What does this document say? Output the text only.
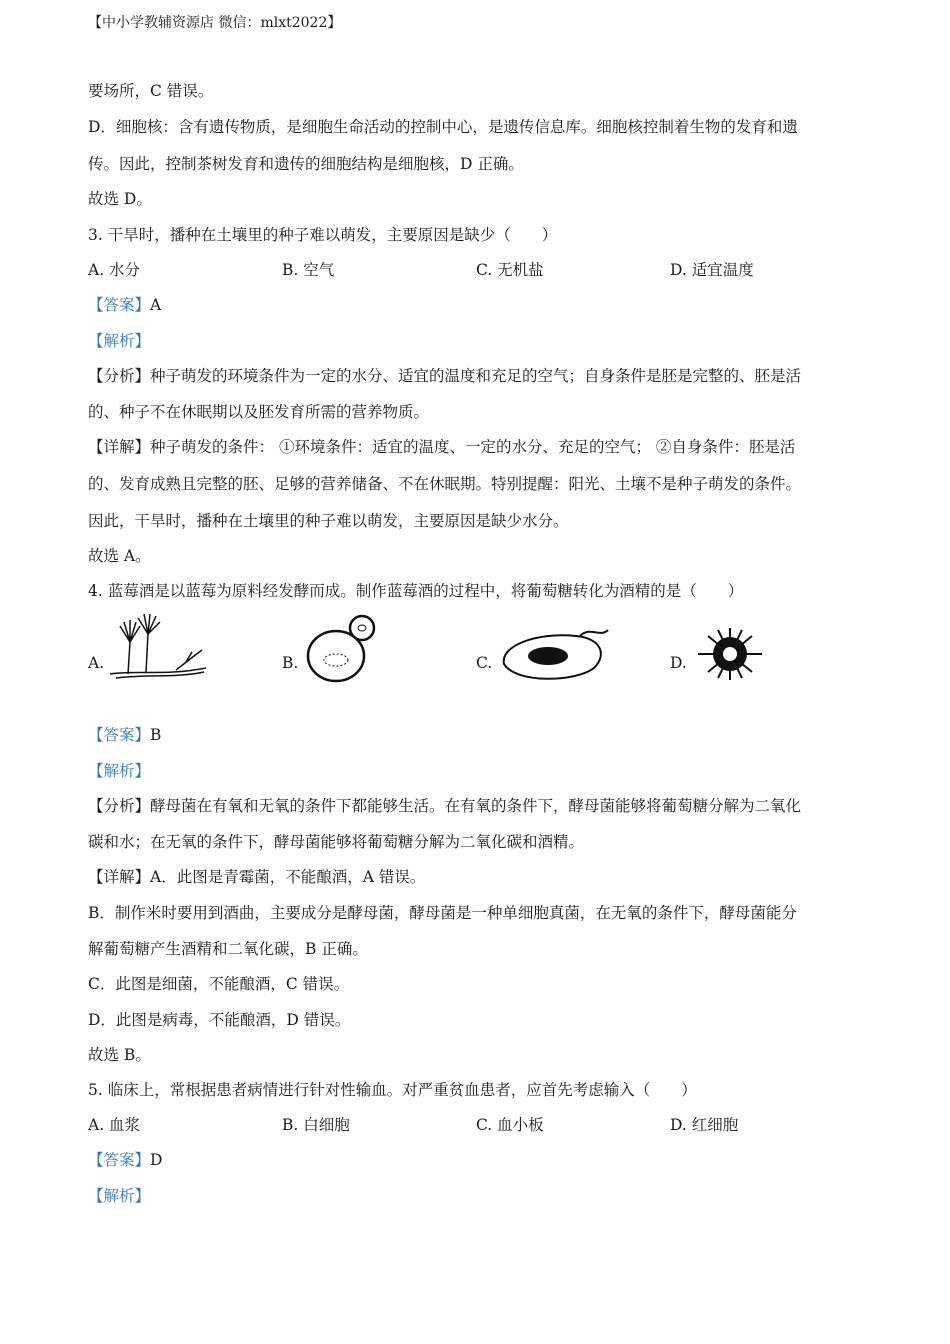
【中小学教辅资源店 微信：mlxt2022】
要场所，C 错误。
D．细胞核：含有遗传物质，是细胞生命活动的控制中心，是遗传信息库。细胞核控制着生物的发育和遗
传。因此，控制茶树发育和遗传的细胞结构是细胞核，D 正确。
故选 D。
3. 干旱时，播种在土壤里的种子难以萌发，主要原因是缺少（　　）
A. 水分	B. 空气	C. 无机盐	D. 适宜温度
【答案】A
【解析】
【分析】种子萌发的环境条件为一定的水分、适宜的温度和充足的空气；自身条件是胚是完整的、胚是活
的、种子不在休眠期以及胚发育所需的营养物质。
【详解】种子萌发的条件： ①环境条件：适宜的温度、一定的水分、充足的空气； ②自身条件：胚是活
的、发育成熟且完整的胚、足够的营养储备、不在休眠期。特别提醒：阳光、土壤不是种子萌发的条件。
因此，干旱时，播种在土壤里的种子难以萌发，主要原因是缺少水分。
故选 A。
4. 蓝莓酒是以蓝莓为原料经发酵而成。制作蓝莓酒的过程中，将葡萄糖转化为酒精的是（　　）
A.	B.	C.	D.
【答案】B
【解析】
【分析】酵母菌在有氧和无氧的条件下都能够生活。在有氧的条件下，酵母菌能够将葡萄糖分解为二氧化
碳和水；在无氧的条件下，酵母菌能够将葡萄糖分解为二氧化碳和酒精。
【详解】A．此图是青霉菌，不能酿酒，A 错误。
B．制作米时要用到酒曲，主要成分是酵母菌，酵母菌是一种单细胞真菌，在无氧的条件下，酵母菌能分
解葡萄糖产生酒精和二氧化碳，B 正确。
C．此图是细菌，不能酿酒，C 错误。
D．此图是病毒，不能酿酒，D 错误。
故选 B。
5. 临床上，常根据患者病情进行针对性输血。对严重贫血患者，应首先考虑输入（　　）
A. 血浆	B. 白细胞	C. 血小板	D. 红细胞
【答案】D
【解析】
